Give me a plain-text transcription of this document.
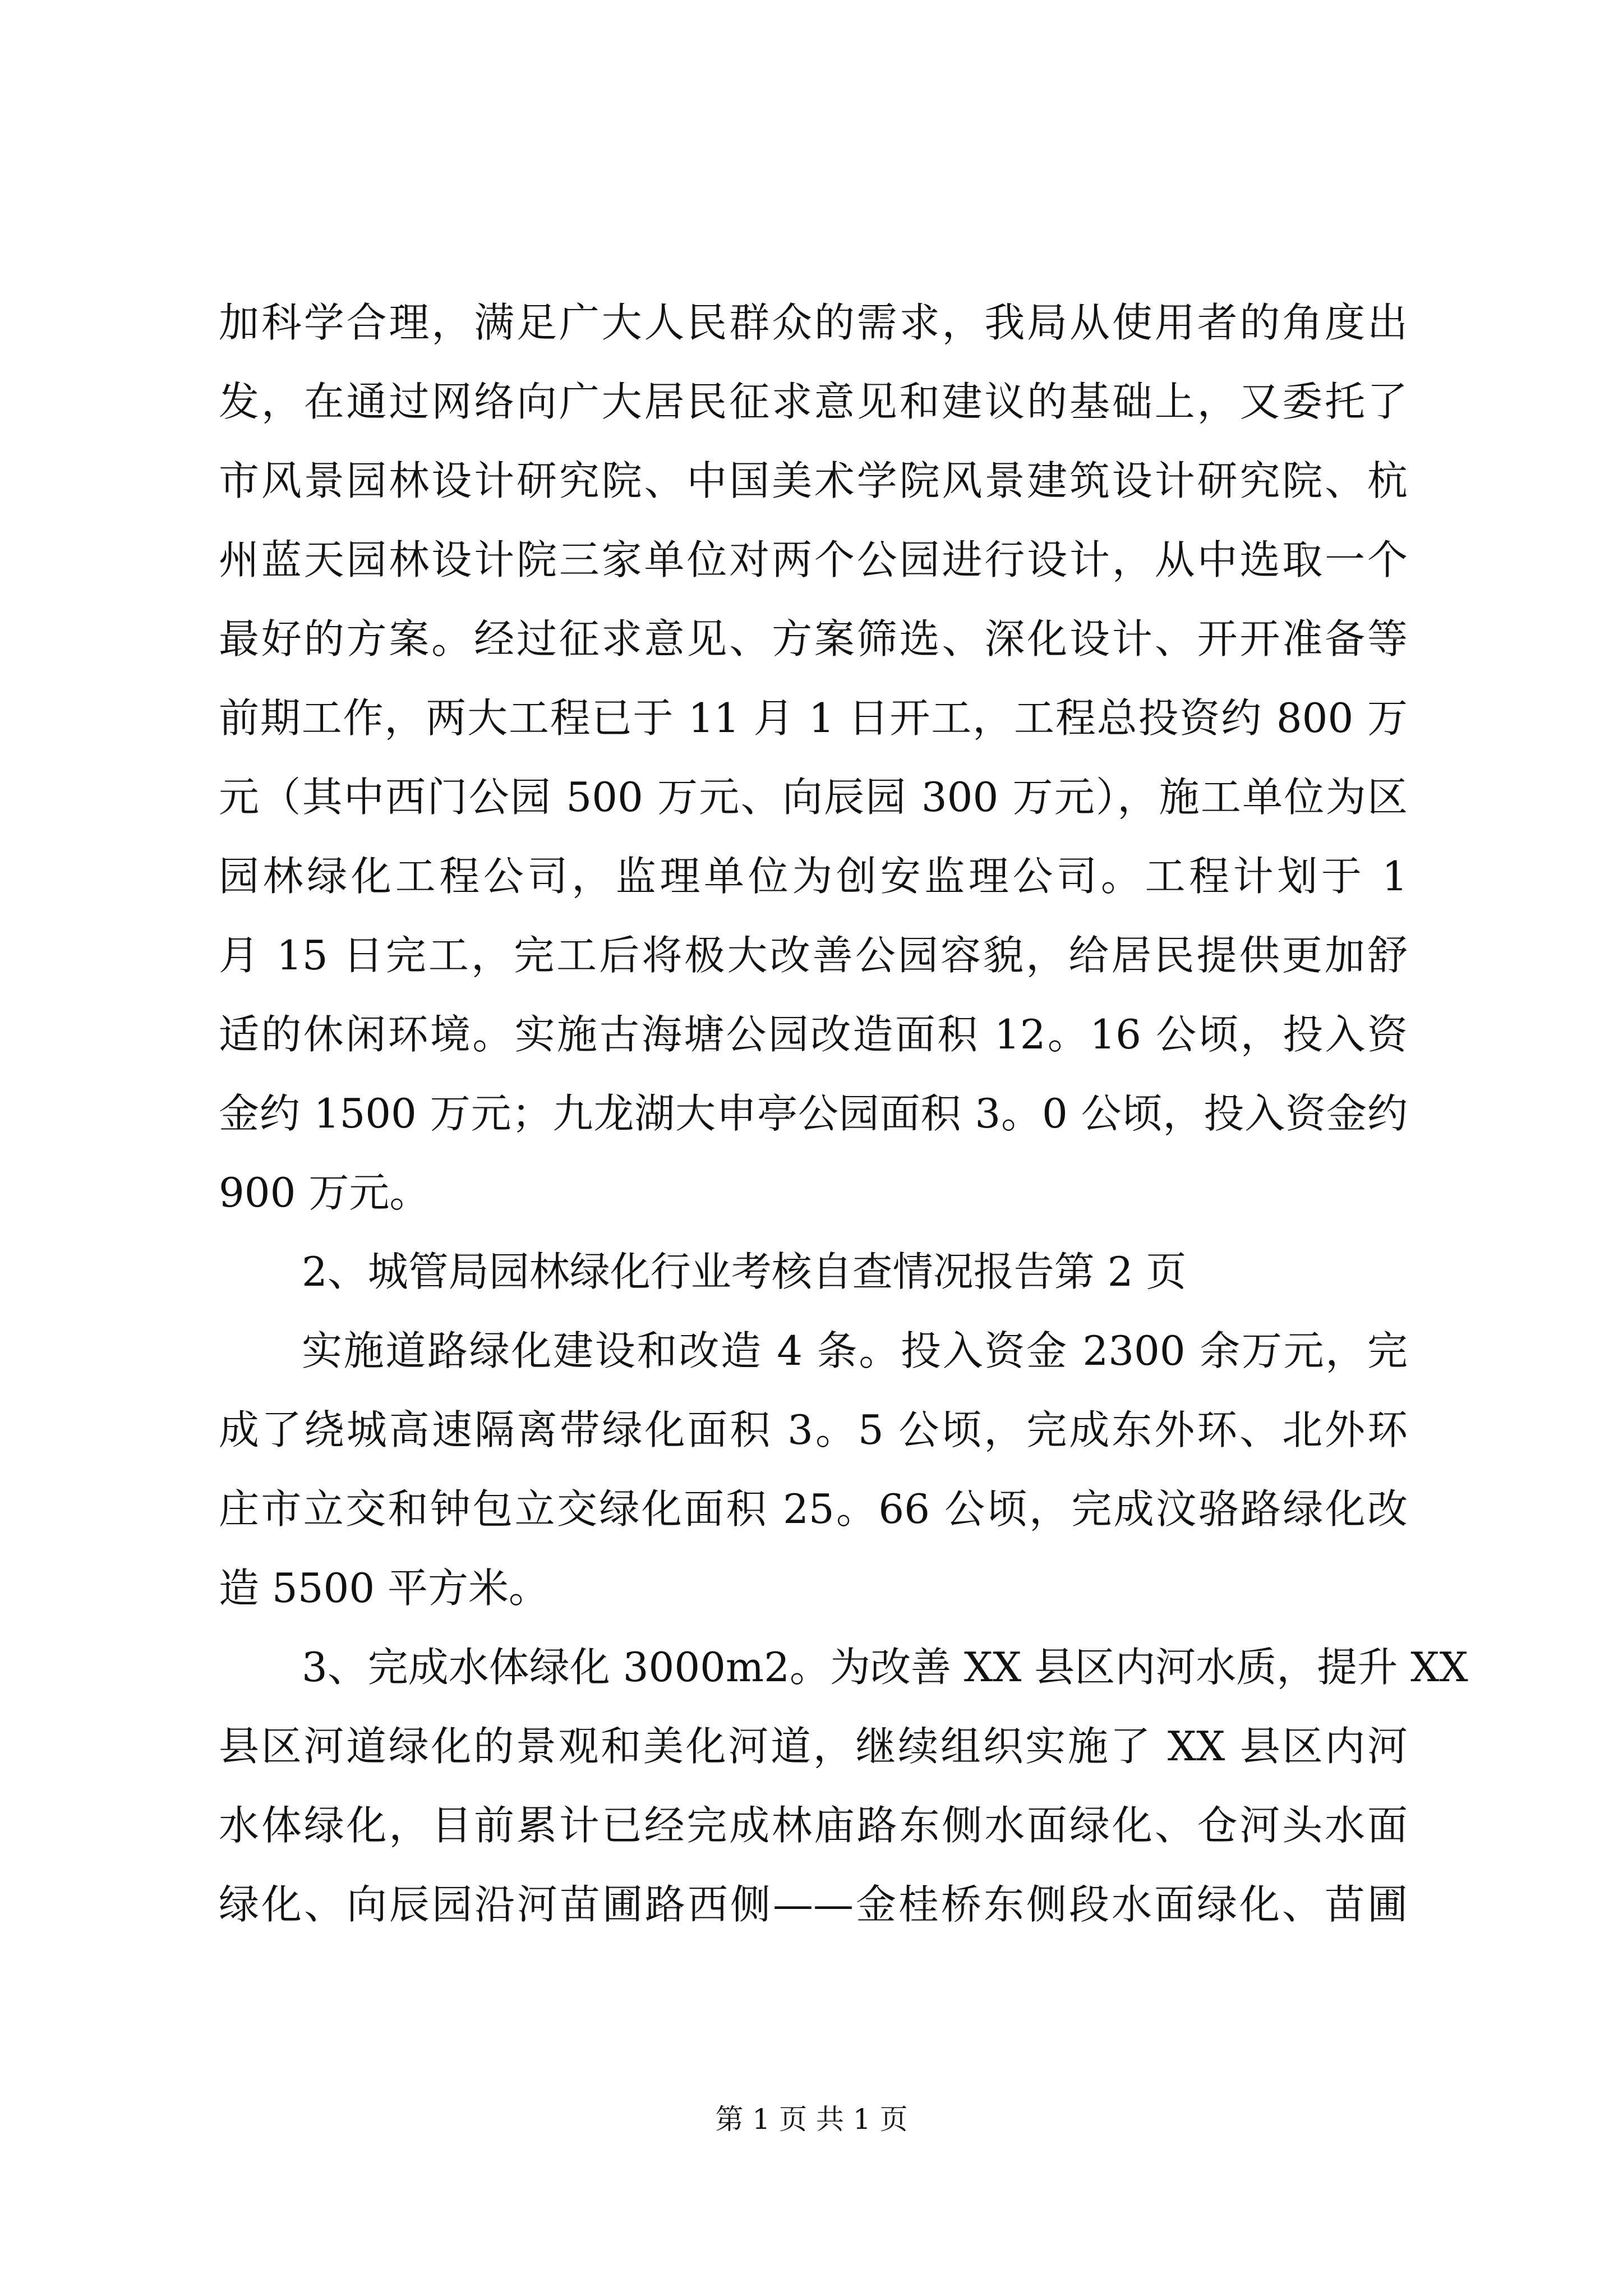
加科学合理，满足广大人民群众的需求，我局从使用者的角度出
发，在通过网络向广大居民征求意见和建议的基础上，又委托了
市风景园林设计研究院、中国美术学院风景建筑设计研究院、杭
州蓝天园林设计院三家单位对两个公园进行设计，从中选取一个
最好的方案。经过征求意见、方案筛选、深化设计、开开准备等
前期工作，两大工程已于 11 月 1 日开工，工程总投资约 800 万
元（其中西门公园 500 万元、向辰园 300 万元），施工单位为区
园林绿化工程公司，监理单位为创安监理公司。工程计划于 1
月 15 日完工，完工后将极大改善公园容貌，给居民提供更加舒
适的休闲环境。实施古海塘公园改造面积 12。16 公顷，投入资
金约 1500 万元；九龙湖大申亭公园面积 3。0 公顷，投入资金约
900 万元。
2、城管局园林绿化行业考核自查情况报告第 2 页
实施道路绿化建设和改造 4 条。投入资金 2300 余万元，完
成了绕城高速隔离带绿化面积 3。5 公顷，完成东外环、北外环
庄市立交和钟包立交绿化面积 25。66 公顷，完成汶骆路绿化改
造 5500 平方米。
3、完成水体绿化 3000m2。为改善 XX 县区内河水质，提升 XX
县区河道绿化的景观和美化河道，继续组织实施了 XX 县区内河
水体绿化，目前累计已经完成林庙路东侧水面绿化、仓河头水面
绿化、向辰园沿河苗圃路西侧——金桂桥东侧段水面绿化、苗圃
第 1 页 共 1 页
